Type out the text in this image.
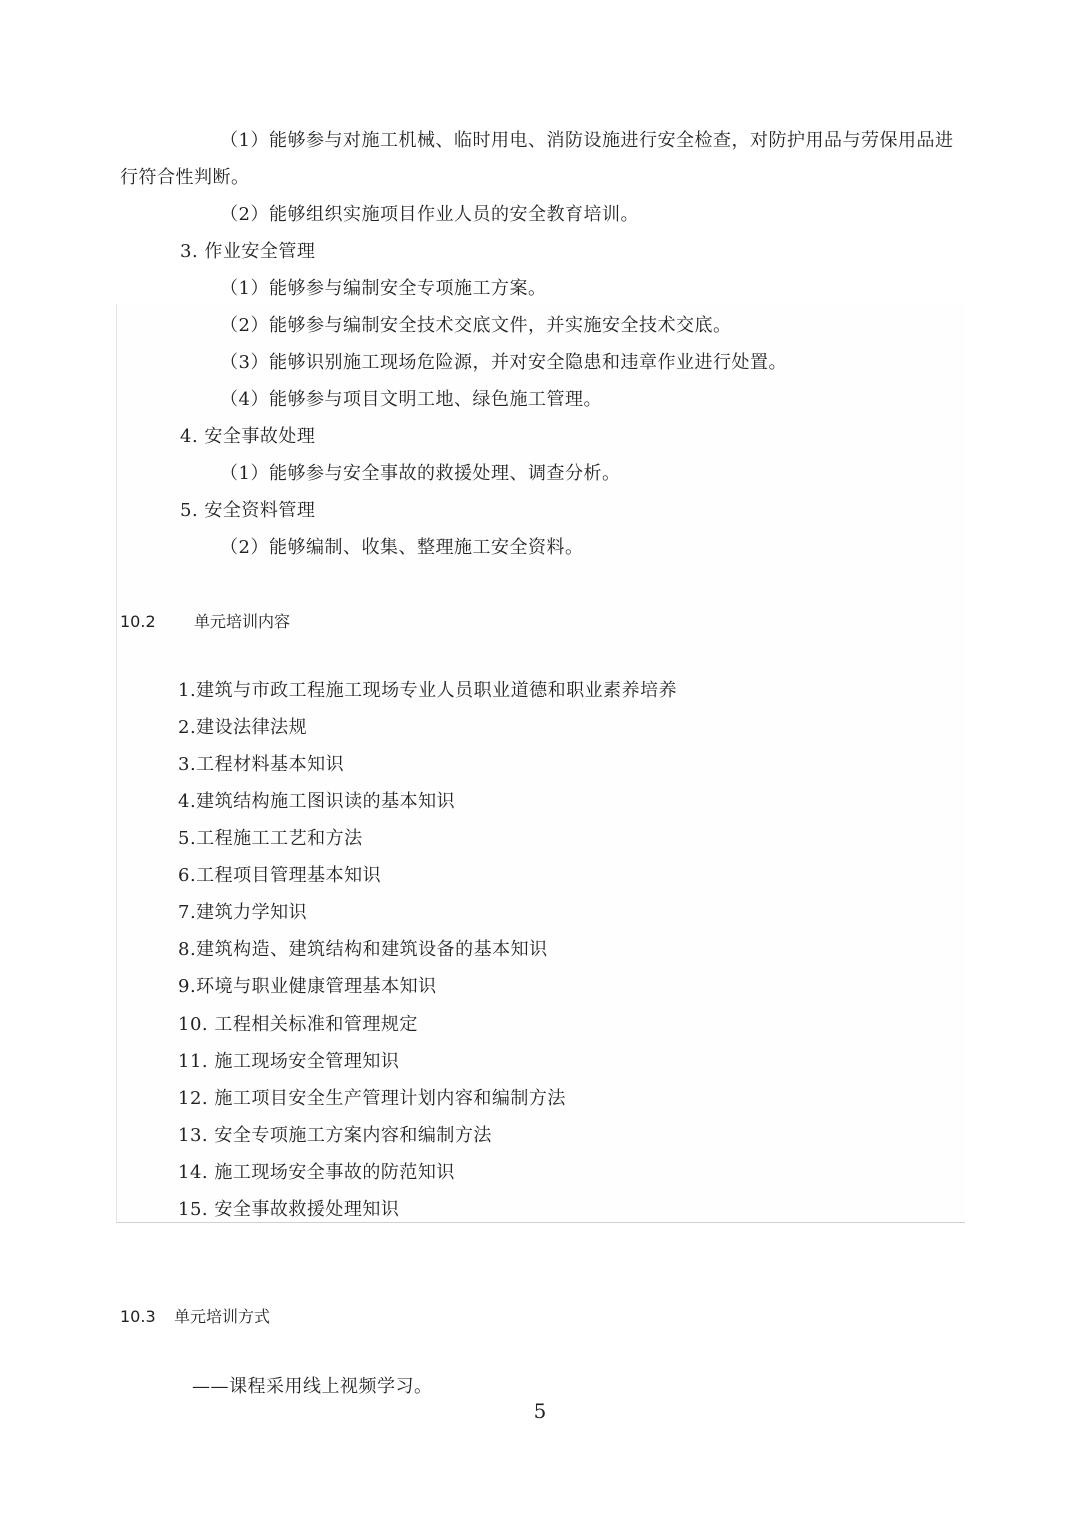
（1）能够参与对施工机械、临时用电、消防设施进行安全检查，对防护用品与劳保用品进
行符合性判断。
（2）能够组织实施项目作业人员的安全教育培训。
3. 作业安全管理
（1）能够参与编制安全专项施工方案。
（2）能够参与编制安全技术交底文件，并实施安全技术交底。
（3）能够识别施工现场危险源，并对安全隐患和违章作业进行处置。
（4）能够参与项目文明工地、绿色施工管理。
4. 安全事故处理
（1）能够参与安全事故的救援处理、调查分析。
5. 安全资料管理
（2）能够编制、收集、整理施工安全资料。
10.2 单元培训内容
1.建筑与市政工程施工现场专业人员职业道德和职业素养培养
2.建设法律法规
3.工程材料基本知识
4.建筑结构施工图识读的基本知识
5.工程施工工艺和方法
6.工程项目管理基本知识
7.建筑力学知识
8.建筑构造、建筑结构和建筑设备的基本知识
9.环境与职业健康管理基本知识
10. 工程相关标准和管理规定
11. 施工现场安全管理知识
12. 施工项目安全生产管理计划内容和编制方法
13. 安全专项施工方案内容和编制方法
14. 施工现场安全事故的防范知识
15. 安全事故救援处理知识
10.3 单元培训方式
——课程采用线上视频学习。
5
